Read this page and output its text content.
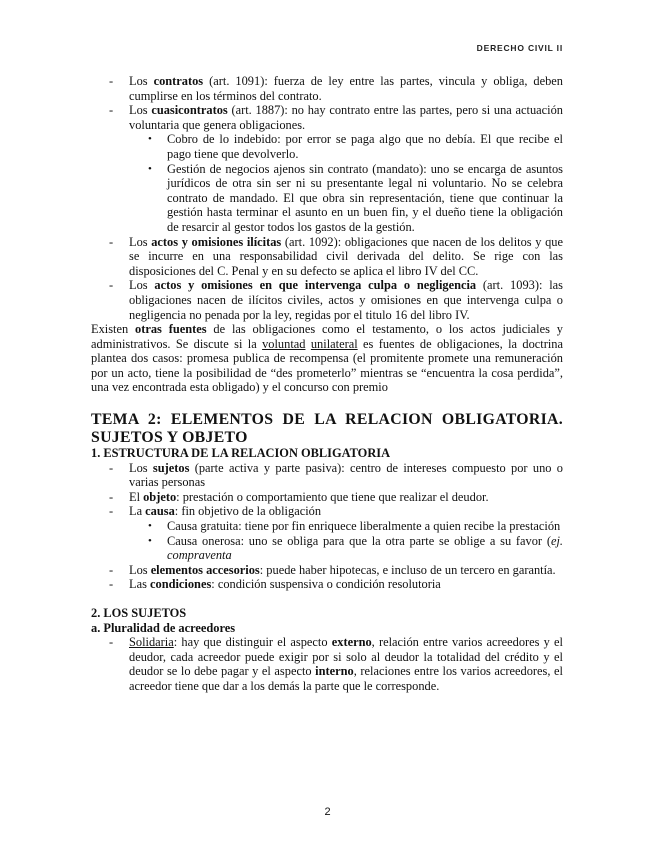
DERECHO CIVIL II
- Los contratos (art. 1091): fuerza de ley entre las partes, vincula y obliga, deben cumplirse en los términos del contrato.
- Los cuasicontratos (art. 1887): no hay contrato entre las partes, pero si una actuación voluntaria que genera obligaciones.
• Cobro de lo indebido: por error se paga algo que no debía. El que recibe el pago tiene que devolverlo.
• Gestión de negocios ajenos sin contrato (mandato): uno se encarga de asuntos jurídicos de otra sin ser ni su presentante legal ni voluntario. No se celebra contrato de mandado. El que obra sin representación, tiene que continuar la gestión hasta terminar el asunto en un buen fin, y el dueño tiene la obligación de resarcir al gestor todos los gastos de la gestión.
- Los actos y omisiones ilícitas (art. 1092): obligaciones que nacen de los delitos y que se incurre en una responsabilidad civil derivada del delito. Se rige con las disposiciones del C. Penal y en su defecto se aplica el libro IV del CC.
- Los actos y omisiones en que intervenga culpa o negligencia (art. 1093): las obligaciones nacen de ilícitos civiles, actos y omisiones en que intervenga culpa o negligencia no penada por la ley, regidas por el titulo 16 del libro IV.

Existen otras fuentes de las obligaciones como el testamento, o los actos judiciales y administrativos. Se discute si la voluntad unilateral es fuentes de obligaciones, la doctrina plantea dos casos: promesa publica de recompensa (el promitente promete una remuneración por un acto, tiene la posibilidad de “des prometerlo” mientras se “encuentra la cosa perdida”, una vez encontrada esta obligado) y el concurso con premio

TEMA 2: ELEMENTOS DE LA RELACION OBLIGATORIA. SUJETOS Y OBJETO
1. ESTRUCTURA DE LA RELACION OBLIGATORIA
- Los sujetos (parte activa y parte pasiva): centro de intereses compuesto por uno o varias personas
- El objeto: prestación o comportamiento que tiene que realizar el deudor.
- La causa: fin objetivo de la obligación
• Causa gratuita: tiene por fin enriquece liberalmente a quien recibe la prestación
• Causa onerosa: uno se obliga para que la otra parte se oblige a su favor (ej. compraventa
- Los elementos accesorios: puede haber hipotecas, e incluso de un tercero en garantía.
- Las condiciones: condición suspensiva o condición resolutoria
2. LOS SUJETOS
a. Pluralidad de acreedores
- Solidaria: hay que distinguir el aspecto externo, relación entre varios acreedores y el deudor, cada acreedor puede exigir por si solo al deudor la totalidad del crédito y el deudor se lo debe pagar y el aspecto interno, relaciones entre los varios acreedores, el acreedor tiene que dar a los demás la parte que le corresponde.
2
